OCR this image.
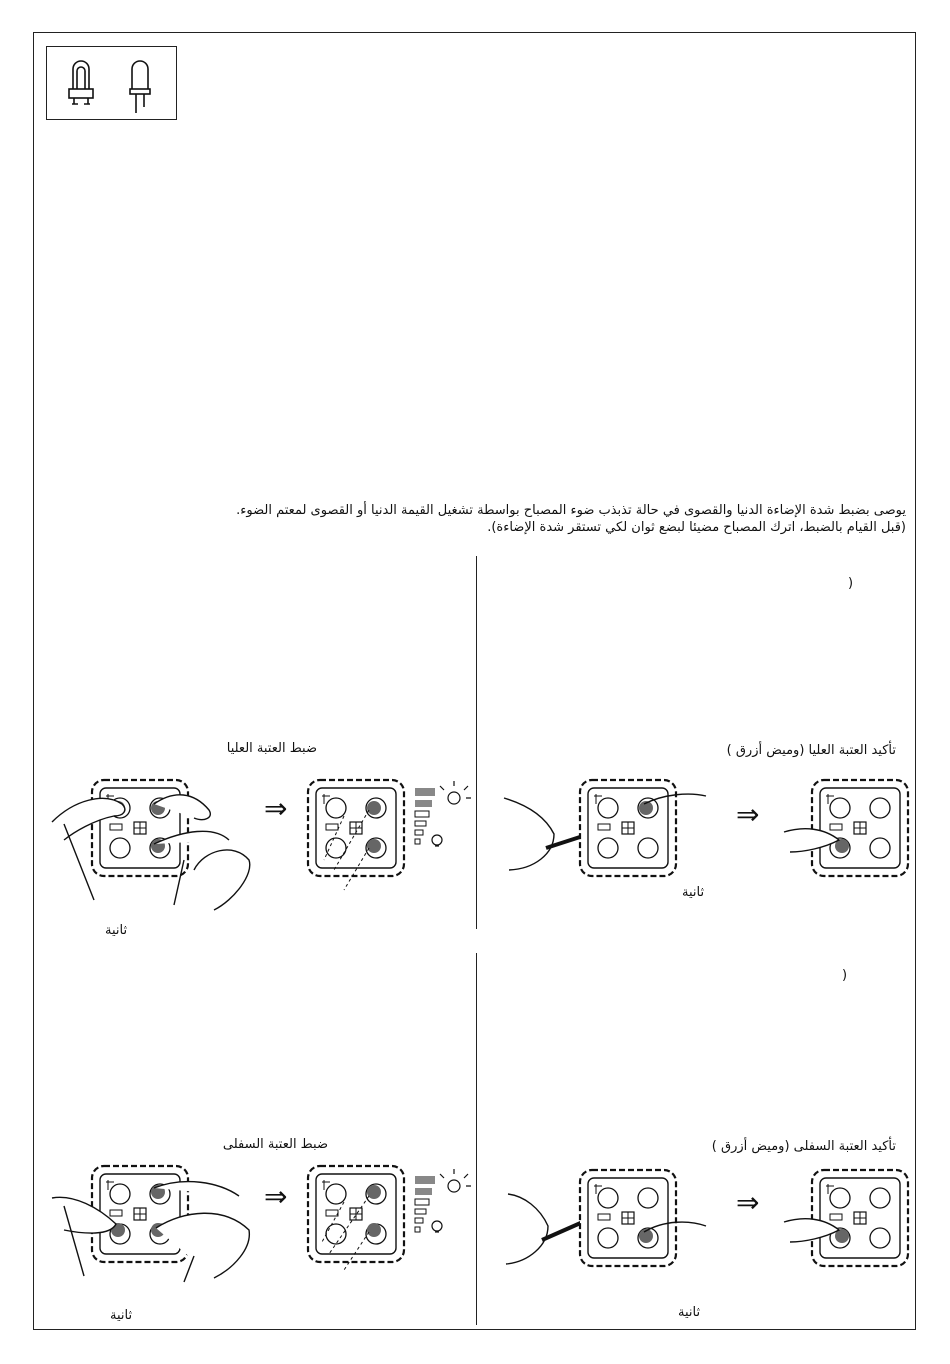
يوصى بضبط شدة الإضاءة الدنيا والقصوى في حالة تذبذب ضوء المصباح بواسطة تشغيل القيمة الدنيا أو القصوى لمعتم الضوء.
(قبل القيام بالضبط، اترك المصباح مضيئا لبضع ثوان لكي تستقر شدة الإضاءة).
)
)
تأكيد العتبة العليا (وميض أزرق )
ضبط العتبة العليا
تأكيد العتبة السفلى (وميض أزرق )
ضبط العتبة السفلى
ثانية
ثانية
ثانية
ثانية
⇒	⇒
⇒	⇒
